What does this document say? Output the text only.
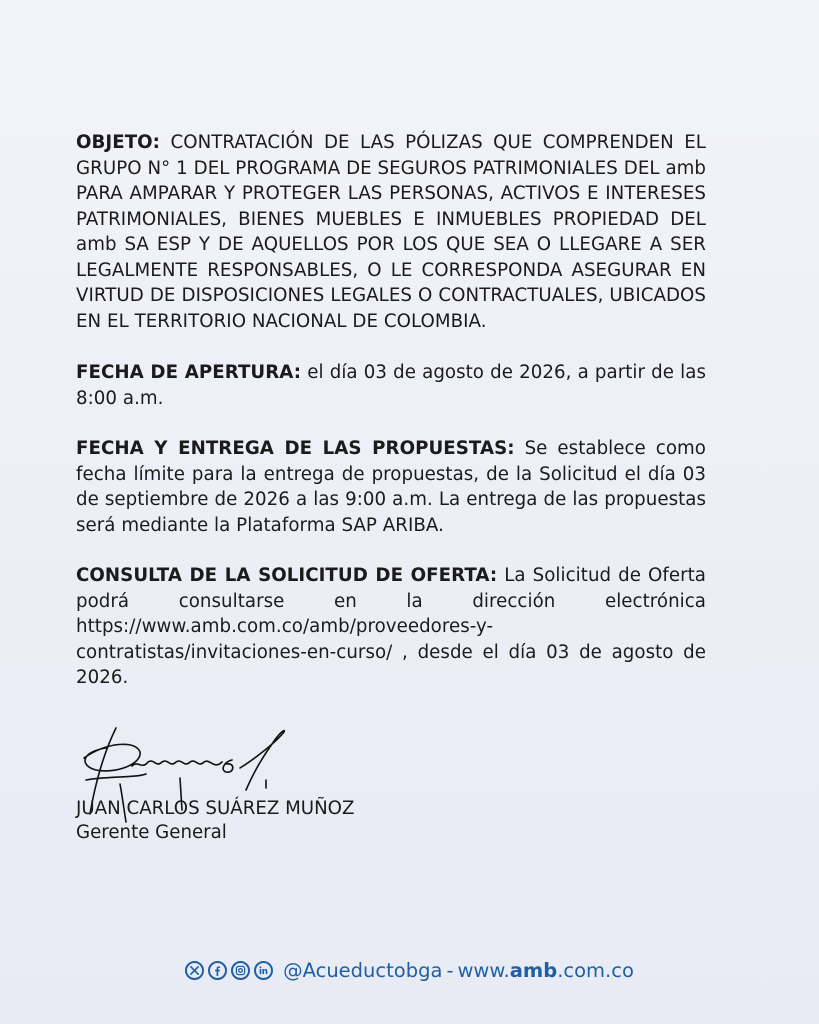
OBJETO: CONTRATACIÓN DE LAS PÓLIZAS QUE COMPRENDEN EL GRUPO N° 1 DEL PROGRAMA DE SEGUROS PATRIMONIALES DEL amb PARA AMPARAR Y PROTEGER LAS PERSONAS, ACTIVOS E INTERESES PATRIMONIALES, BIENES MUEBLES E INMUEBLES PROPIEDAD DEL amb SA ESP Y DE AQUELLOS POR LOS QUE SEA O LLEGARE A SER LEGALMENTE RESPONSABLES, O LE CORRESPONDA ASEGURAR EN VIRTUD DE DISPOSICIONES LEGALES O CONTRACTUALES, UBICADOS EN EL TERRITORIO NACIONAL DE COLOMBIA.

FECHA DE APERTURA: el día 03 de agosto de 2026, a partir de las 8:00 a.m.

FECHA Y ENTREGA DE LAS PROPUESTAS: Se establece como fecha límite para la entrega de propuestas, de la Solicitud el día 03 de septiembre de 2026 a las 9:00 a.m. La entrega de las propuestas será mediante la Plataforma SAP ARIBA.

CONSULTA DE LA SOLICITUD DE OFERTA: La Solicitud de Oferta podrá consultarse en la dirección electrónica https://www.amb.com.co/amb/proveedores-y- contratistas/invitaciones-en-curso/ , desde el día 03 de agosto de 2026.

JUAN CARLOS SUÁREZ MUÑOZ
Gerente General
@Acueductobga - www. amb .com.co
